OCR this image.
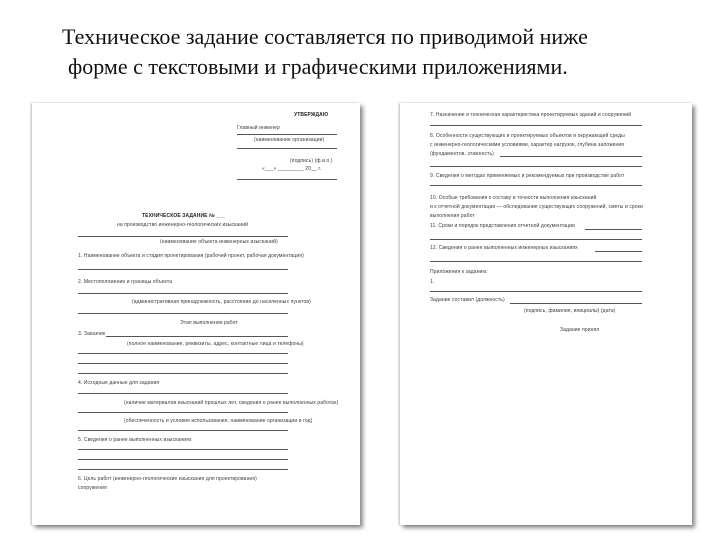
Техническое задание составляется по приводимой ниже
форме с текстовыми и графическими приложениями.
УТВЕРЖДАЮ
Главный инженер
(наименование организации)
(подпись) (ф.и.о.)
«___» _________ 20__ г.
ТЕХНИЧЕСКОЕ ЗАДАНИЕ № ___
на производство инженерно-геологических изысканий
(наименование объекта инженерных изысканий)
1. Наименование объекта и стадия проектирования (рабочий проект, рабочая документация)
2. Местоположение и границы объекта
(административная принадлежность, расстояние до населенных пунктов)
Этап выполнения работ
3. Заказчик
(полное наименование, реквизиты, адрес, контактные лица и телефоны)
4. Исходные данные для задания
(наличие материалов изысканий прошлых лет, сведения о ранее выполненных работах)
(обеспеченность и условия использования, наименование организации и год)
5. Сведения о ранее выполненных изысканиях
6. Цель работ (инженерно-геологические изыскания для проектирования)
сооружения
7. Назначение и техническая характеристика проектируемых зданий и сооружений
8. Особенности существующих и проектируемых объектов и окружающей среды
с инженерно-геологическими условиями, характер нагрузок, глубина заложения
(фундаментов, этажность)
9. Сведения о методах применяемых и рекомендуемых при производстве работ
10. Особые требования к составу и точности выполнения изысканий
и к отчетной документации — обследование существующих сооружений, сметы и сроки
выполнения работ
11. Сроки и порядок представления отчетной документации
12. Сведения о ранее выполненных инженерных изысканиях
Приложения к заданию:
1.
Задание составил (должность)
(подпись, фамилия, инициалы) (дата)
Задание принял
